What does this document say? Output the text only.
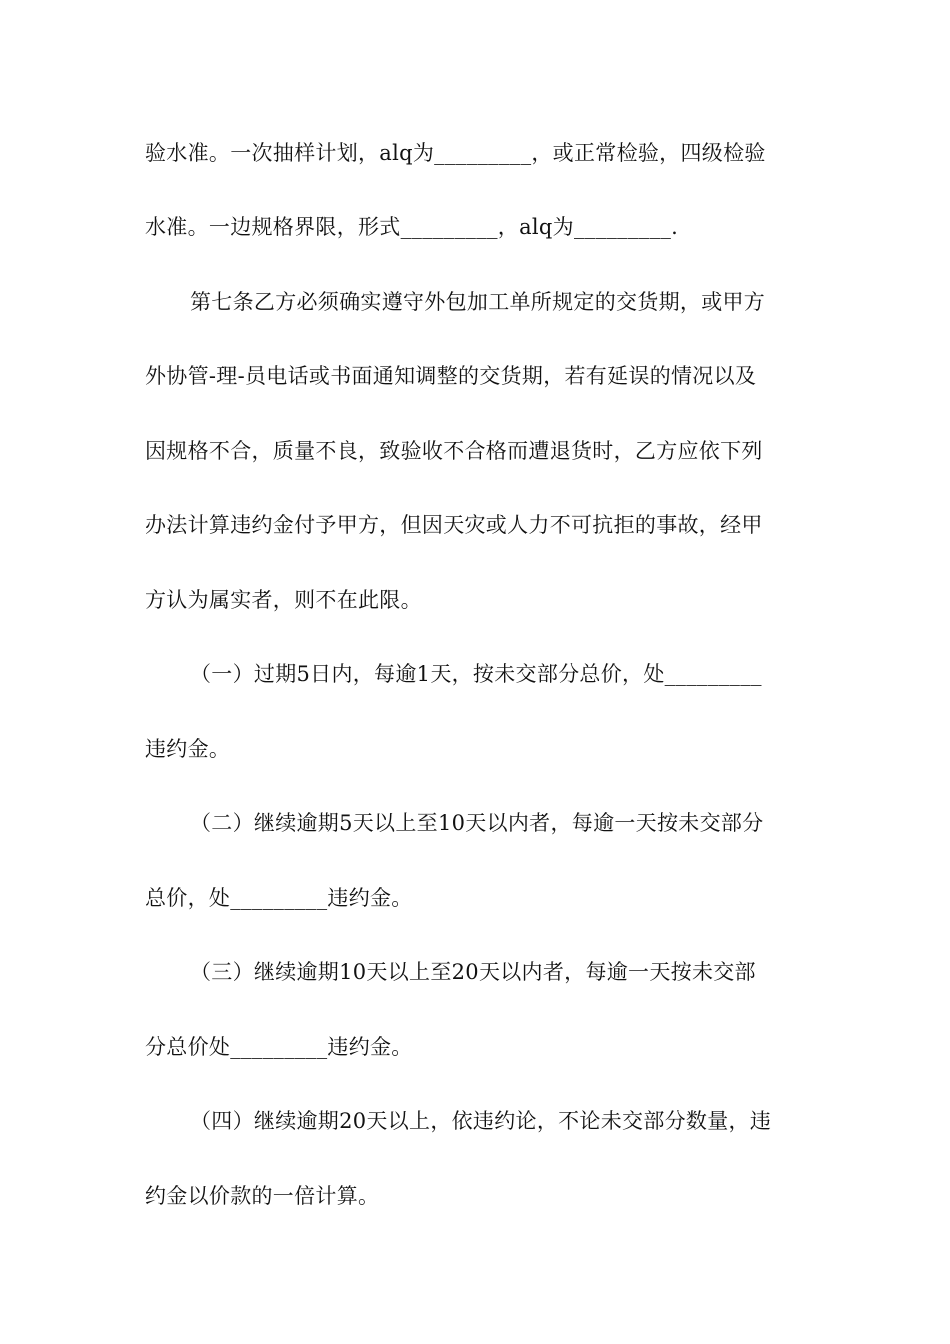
验水准。一次抽样计划，alq为_________，或正常检验，四级检验
水准。一边规格界限，形式_________，alq为_________.
第七条乙方必须确实遵守外包加工单所规定的交货期，或甲方
外协管-理-员电话或书面通知调整的交货期，若有延误的情况以及
因规格不合，质量不良，致验收不合格而遭退货时，乙方应依下列
办法计算违约金付予甲方，但因天灾或人力不可抗拒的事故，经甲
方认为属实者，则不在此限。
（一）过期5日内，每逾1天，按未交部分总价，处_________
违约金。
（二）继续逾期5天以上至10天以内者，每逾一天按未交部分
总价，处_________违约金。
（三）继续逾期10天以上至20天以内者，每逾一天按未交部
分总价处_________违约金。
（四）继续逾期20天以上，依违约论，不论未交部分数量，违
约金以价款的一倍计算。
